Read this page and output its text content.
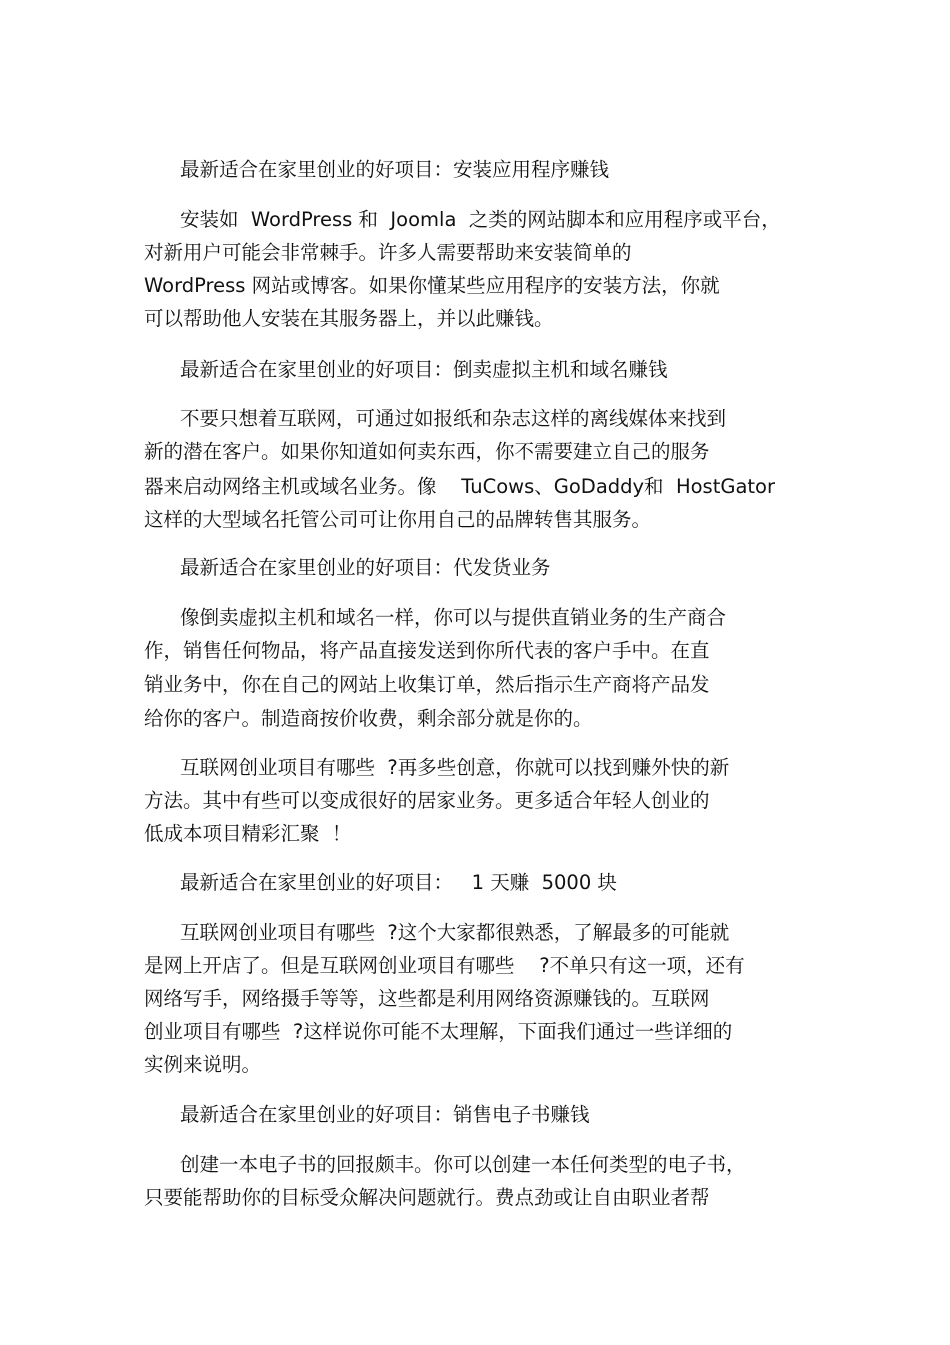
最新适合在家里创业的好项目：安装应用程序赚钱

安装如  WordPress 和  Joomla  之类的网站脚本和应用程序或平台，

对新用户可能会非常棘手。许多人需要帮助来安装简单的

WordPress 网站或博客。如果你懂某些应用程序的安装方法，你就

可以帮助他人安装在其服务器上，并以此赚钱。

最新适合在家里创业的好项目：倒卖虚拟主机和域名赚钱

不要只想着互联网，可通过如报纸和杂志这样的离线媒体来找到

新的潜在客户。如果你知道如何卖东西，你不需要建立自己的服务

器来启动网络主机或域名业务。像    TuCows、GoDaddy和  HostGator

这样的大型域名托管公司可让你用自己的品牌转售其服务。

最新适合在家里创业的好项目：代发货业务

像倒卖虚拟主机和域名一样，你可以与提供直销业务的生产商合

作，销售任何物品，将产品直接发送到你所代表的客户手中。在直

销业务中，你在自己的网站上收集订单，然后指示生产商将产品发

给你的客户。制造商按价收费，剩余部分就是你的。

互联网创业项目有哪些  ?再多些创意，你就可以找到赚外快的新

方法。其中有些可以变成很好的居家业务。更多适合年轻人创业的

低成本项目精彩汇聚  ！

最新适合在家里创业的好项目：   1 天赚  5000 块

互联网创业项目有哪些  ?这个大家都很熟悉，了解最多的可能就

是网上开店了。但是互联网创业项目有哪些    ?不单只有这一项，还有

网络写手，网络摄手等等，这些都是利用网络资源赚钱的。互联网

创业项目有哪些  ?这样说你可能不太理解，下面我们通过一些详细的

实例来说明。

最新适合在家里创业的好项目：销售电子书赚钱

创建一本电子书的回报颇丰。你可以创建一本任何类型的电子书，

只要能帮助你的目标受众解决问题就行。费点劲或让自由职业者帮
